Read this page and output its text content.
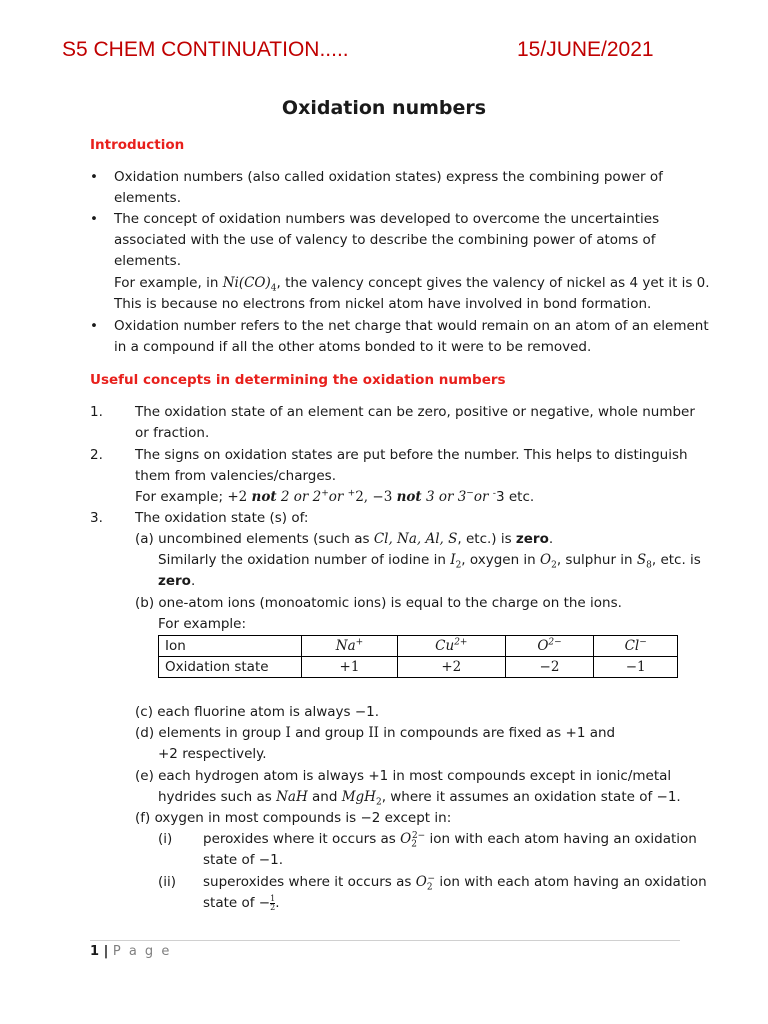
S5 CHEM CONTINUATION.....	15/JUNE/2021
Oxidation numbers
Introduction
• Oxidation numbers (also called oxidation states) express the combining power of
elements.
• The concept of oxidation numbers was developed to overcome the uncertainties
associated with the use of valency to describe the combining power of atoms of
elements.
For example, in $Ni(CO)_4$, the valency concept gives the valency of nickel as 4 yet it is 0.
This is because no electrons from nickel atom have involved in bond formation.
• Oxidation number refers to the net charge that would remain on an atom of an element
in a compound if all the other atoms bonded to it were to be removed.
Useful concepts in determining the oxidation numbers
1. The oxidation state of an element can be zero, positive or negative, whole number
or fraction.
2. The signs on oxidation states are put before the number. This helps to distinguish
them from valencies/charges.
For example; +2 not 2 or 2+or +2, −3 not 3 or 3−or -3 etc.
3. The oxidation state (s) of:
(a) uncombined elements (such as Cl, Na, Al, S, etc.) is zero.
Similarly the oxidation number of iodine in $I_2$, oxygen in $O_2$, sulphur in $S_8$, etc. is
zero.
(b) one-atom ions (monoatomic ions) is equal to the charge on the ions.
For example:
Ion	Na+	$Cu^{2+}$	$O^{2-}$	Cl−
Oxidation state	+1	+2	−2	−1
(c) each fluorine atom is always −1.
(d) elements in group I and group II in compounds are fixed as +1 and
+2 respectively.
(e) each hydrogen atom is always +1 in most compounds except in ionic/metal
hydrides such as NaH and MgH$_2$, where it assumes an oxidation state of −1.
(f) oxygen in most compounds is −2 except in:
(i) peroxides where it occurs as $O_2^{2-}$ ion with each atom having an oxidation
state of −1.
(ii) superoxides where it occurs as $O_2^-$ ion with each atom having an oxidation
state of − $\frac{1}{2}$ .
1 | P a g e
